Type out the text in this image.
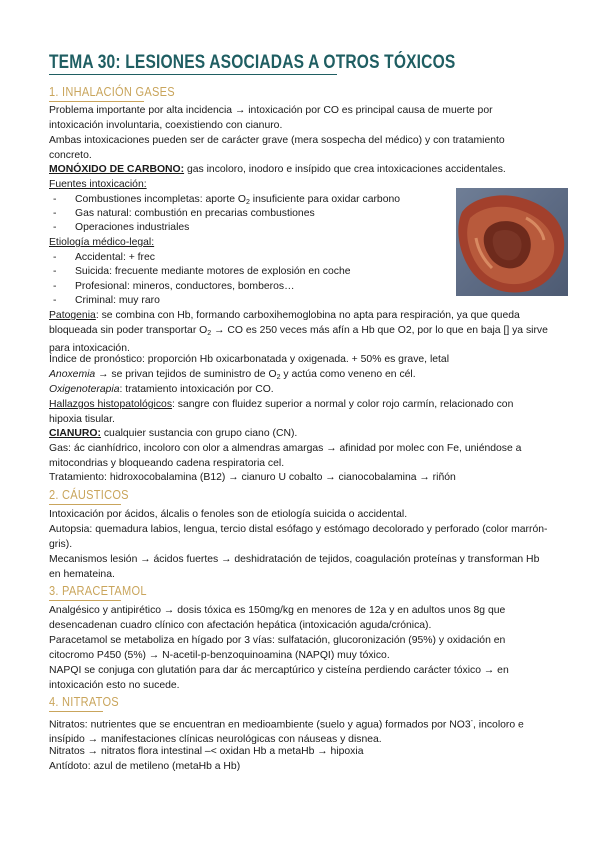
TEMA 30: LESIONES ASOCIADAS A OTROS TÓXICOS
1. INHALACIÓN GASES
Problema importante por alta incidencia → intoxicación por CO es principal causa de muerte por intoxicación involuntaria, coexistiendo con cianuro.
Ambas intoxicaciones pueden ser de carácter grave (mera sospecha del médico) y con tratamiento concreto.
MONÓXIDO DE CARBONO: gas incoloro, inodoro e insípido que crea intoxicaciones accidentales.
Fuentes intoxicación:
- Combustiones incompletas: aporte $O_2$ insuficiente para oxidar carbono
- Gas natural: combustión en precarias combustiones
- Operaciones industriales
Etiología médico-legal:
- Accidental: + frec
- Suicida: frecuente mediante motores de explosión en coche
- Profesional: mineros, conductores, bomberos…
- Criminal: muy raro
Patogenia: se combina con Hb, formando carboxihemoglobina no apta para respiración, ya que queda bloqueada sin poder transportar $O_2$ → CO es 250 veces más afín a Hb que O2, por lo que en baja [] ya sirve para intoxicación.
Índice de pronóstico: proporción Hb oxicarbonatada y oxigenada. + 50% es grave, letal
Anoxemia → se privan tejidos de suministro de $O_2$ y actúa como veneno en cél.
Oxigenoterapia: tratamiento intoxicación por CO.
Hallazgos histopatológicos: sangre con fluidez superior a normal y color rojo carmín, relacionado con hipoxia tisular.
CIANURO: cualquier sustancia con grupo ciano (CN).
Gas: ác cianhídrico, incoloro con olor a almendras amargas → afinidad por molec con Fe, uniéndose a mitocondrias y bloqueando cadena respiratoria cel.
Tratamiento: hidroxocobalamina (B12) → cianuro U cobalto → cianocobalamina → riñón
2. CÁUSTICOS
Intoxicación por ácidos, álcalis o fenoles son de etiología suicida o accidental.
Autopsia: quemadura labios, lengua, tercio distal esófago y estómago decolorado y perforado (color marrón-gris).
Mecanismos lesión → ácidos fuertes → deshidratación de tejidos, coagulación proteínas y transforman Hb en hemateina.
3. PARACETAMOL
Analgésico y antipirético → dosis tóxica es 150mg/kg en menores de 12a y en adultos unos 8g que desencadenan cuadro clínico con afectación hepática (intoxicación aguda/crónica).
Paracetamol se metaboliza en hígado por 3 vías: sulfatación, glucoronización (95%) y oxidación en citocromo P450 (5%) → N-acetil-p-benzoquinoamina (NAPQI) muy tóxico.
NAPQI se conjuga con glutatión para dar ác mercaptúrico y cisteína perdiendo carácter tóxico → en intoxicación esto no sucede.
4. NITRATOS
Nitratos: nutrientes que se encuentran en medioambiente (suelo y agua) formados por NO3-, incoloro e insípido → manifestaciones clínicas neurológicas con náuseas y disnea.
Nitratos → nitratos flora intestinal –< oxidan Hb a metaHb → hipoxia
Antídoto: azul de metileno (metaHb a Hb)
